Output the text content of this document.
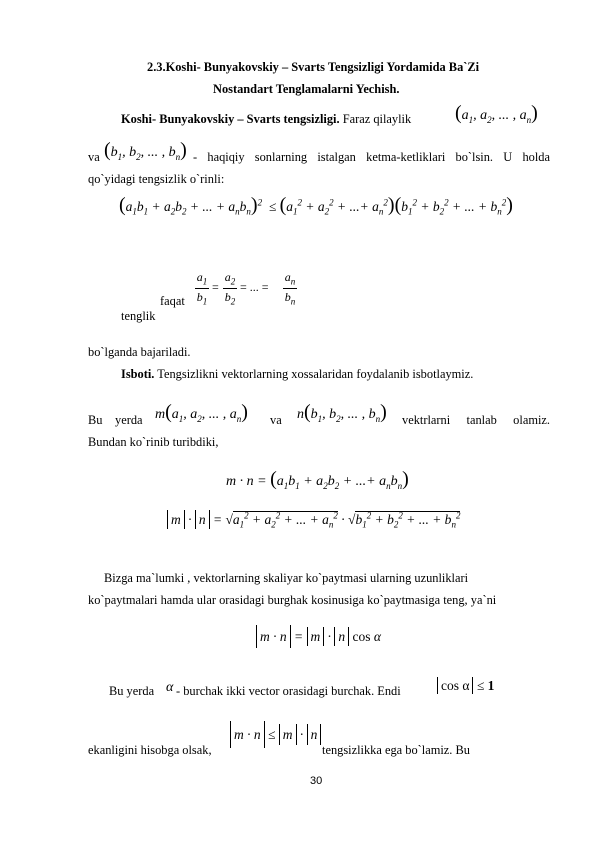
2.3.Koshi- Bunyakovskiy – Svarts Tengsizligi Yordamida Ba`Zi
Nostandart Tenglamalarni Yechish.
Koshi- Bunyakovskiy – Svarts tengsizligi. Faraz qilaylik ($a_1$, $a_2$, ... , $a_n$)
va ($b_1$, $b_2$, ... , $b_n$) - haqiqiy sonlarning istalgan ketma-ketliklari bo`lsin. U holda
qo`yidagi tengsizlik o`rinli:
($a_1b_1 + a_2b_2$ + ... + $a_nb_n)^2 \le (a_1^2 + a_2^2$ + ...+ $a_n^2)(b_1^2 + b_2^2$ + ... + $b_n^2$)
faqat
$a_1$
$b_1$
=
$a_2$
$b_2$
= ... =
$a_n$
$b_n$
tenglik
bo`lganda bajariladi.
Isboti. Tengsizlikni vektorlarning xossalaridan foydalanib isbotlaymiz.
Bu yerda $m(a_1$, $a_2$, ... , $a_n$) va $n(b_1$, $b_2$, ... , $b_n$) vektrlarni tanlab olamiz.
Bundan ko`rinib turibdiki,
$m \cdot n = (a_1b_1 + a_2b_2$ + ...+ $a_nb_n$)
$m \cdot n = √a_1^2 + a_2^2$ + ... + $a_n^2 \cdot √b_1^2 + b_2^2$ + ... + $b_n^2$
Bizga ma`lumki , vektorlarning skaliyar ko`paytmasi ularning uzunliklari
ko`paytmalari hamda ular orasidagi burghak kosinusiga ko`paytmasiga teng, ya`ni
m · n = m · n cos α
Bu yerda α - burchak ikki vector orasidagi burchak. Endi	cos α ≤ 1
ekanligini hisobga olsak,
m · n ≤ m · n
tengsizlikka ega bo`lamiz. Bu
30
